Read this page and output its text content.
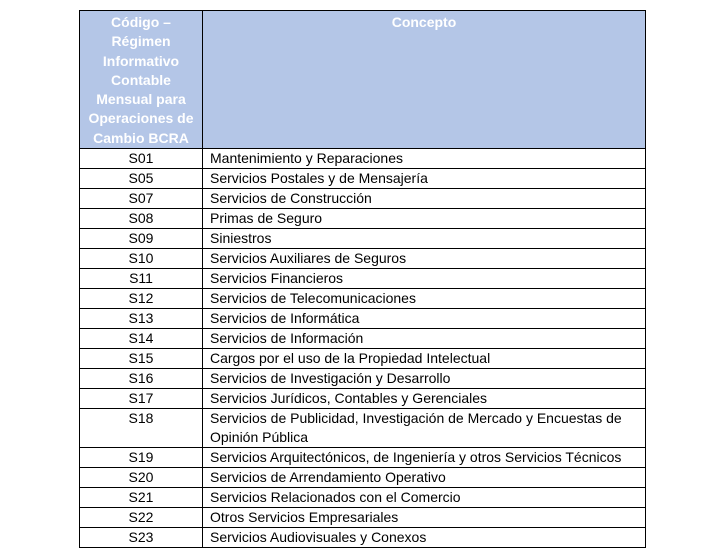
Código – Régimen Informativo Contable Mensual para Operaciones de Cambio BCRA	Concepto
S01	Mantenimiento y Reparaciones
S05	Servicios Postales y de Mensajería
S07	Servicios de Construcción
S08	Primas de Seguro
S09	Siniestros
S10	Servicios Auxiliares de Seguros
S11	Servicios Financieros
S12	Servicios de Telecomunicaciones
S13	Servicios de Informática
S14	Servicios de Información
S15	Cargos por el uso de la Propiedad Intelectual
S16	Servicios de Investigación y Desarrollo
S17	Servicios Jurídicos, Contables y Gerenciales
S18	Servicios de Publicidad, Investigación de Mercado y Encuestas de Opinión Pública
S19	Servicios Arquitectónicos, de Ingeniería y otros Servicios Técnicos
S20	Servicios de Arrendamiento Operativo
S21	Servicios Relacionados con el Comercio
S22	Otros Servicios Empresariales
S23	Servicios Audiovisuales y Conexos
